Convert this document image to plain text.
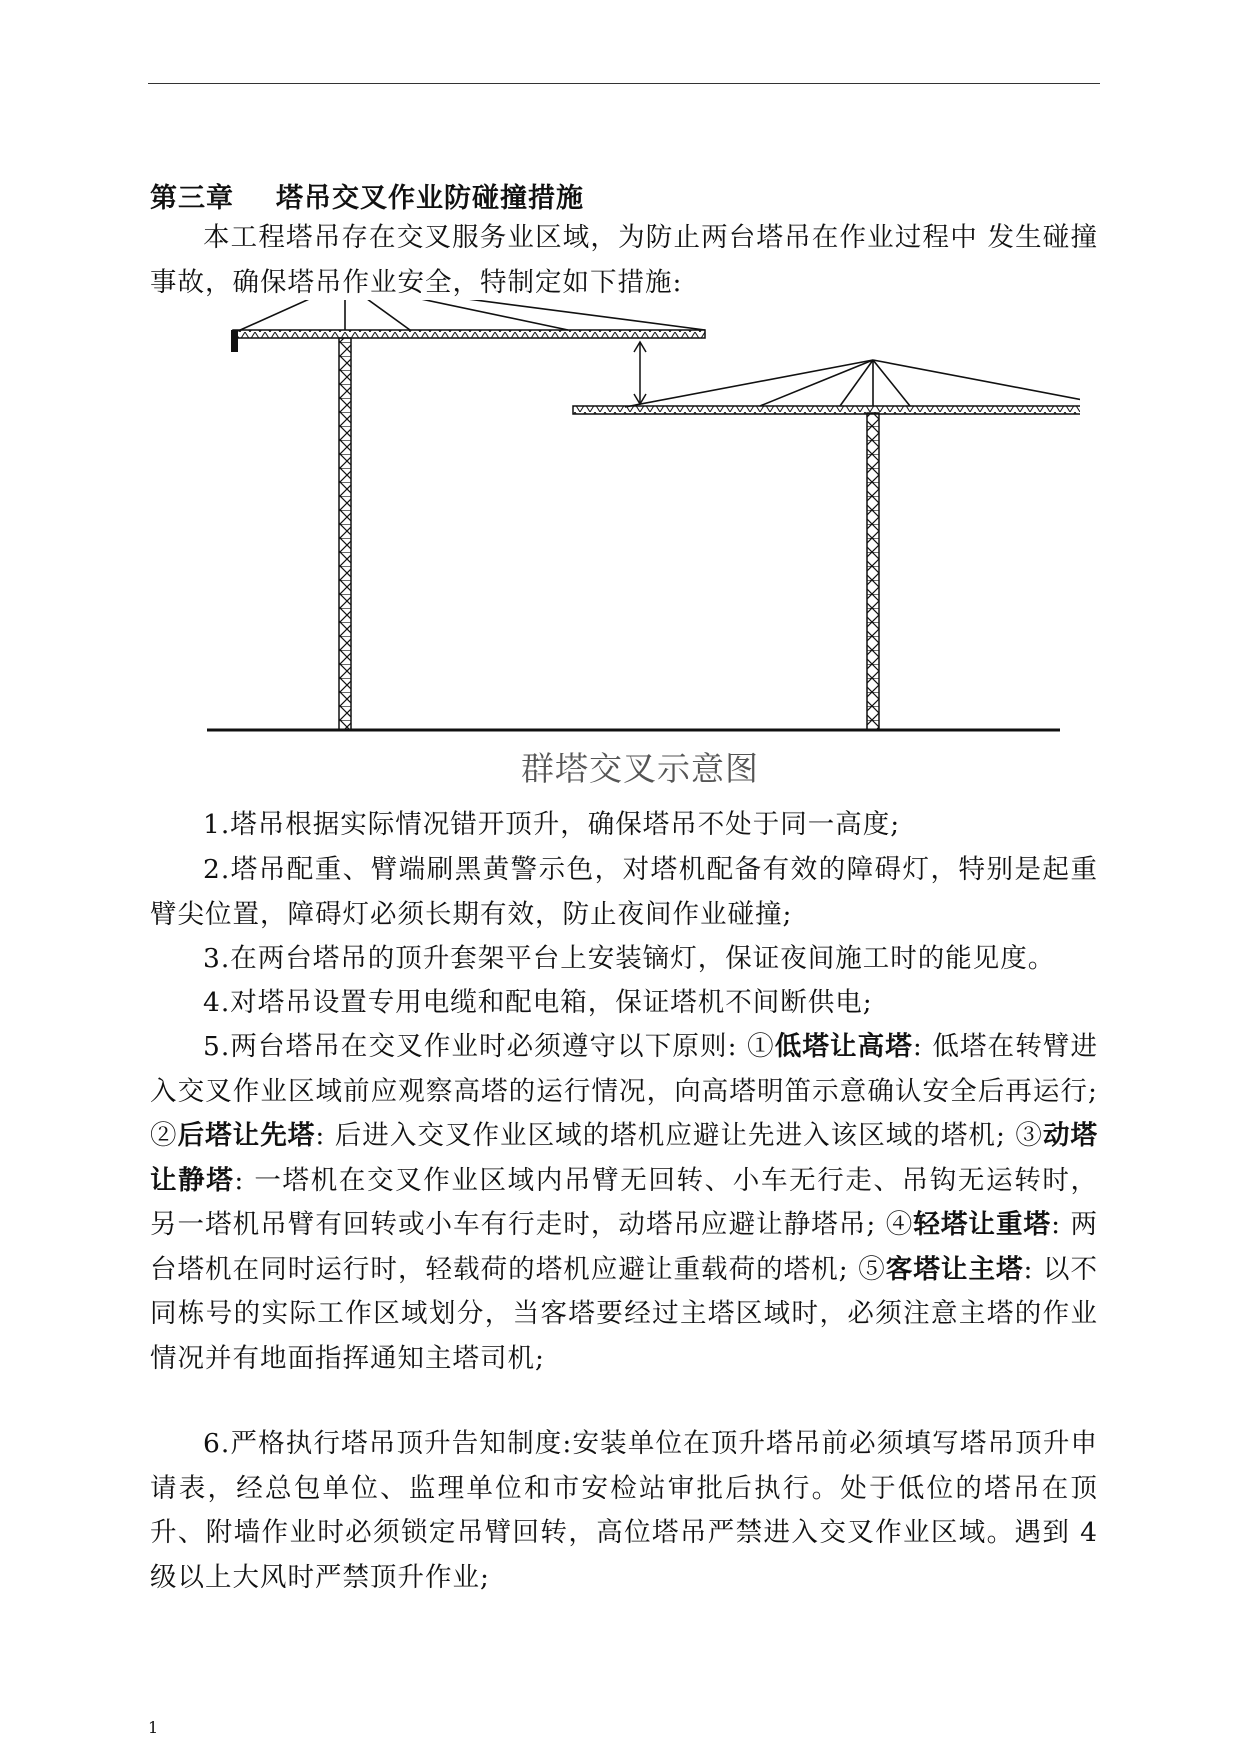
第三章 塔吊交叉作业防碰撞措施

本工程塔吊存在交叉服务业区域，为防止两台塔吊在作业过程中 发生碰撞事故，确保塔吊作业安全，特制定如下措施:

群塔交叉示意图

1.塔吊根据实际情况错开顶升，确保塔吊不处于同一高度;

2.塔吊配重、臂端刷黑黄警示色，对塔机配备有效的障碍灯，特别是起重臂尖位置，障碍灯必须长期有效，防止夜间作业碰撞;

3.在两台塔吊的顶升套架平台上安装镝灯，保证夜间施工时的能见度。

4.对塔吊设置专用电缆和配电箱，保证塔机不间断供电;

5.两台塔吊在交叉作业时必须遵守以下原则: ①低塔让高塔: 低塔在转臂进入交叉作业区域前应观察高塔的运行情况，向高塔明笛示意确认安全后再运行; ②后塔让先塔: 后进入交叉作业区域的塔机应避让先进入该区域的塔机; ③动塔让静塔: 一塔机在交叉作业区域内吊臂无回转、小车无行走、吊钩无运转时，另一塔机吊臂有回转或小车有行走时，动塔吊应避让静塔吊; ④轻塔让重塔: 两台塔机在同时运行时，轻载荷的塔机应避让重载荷的塔机; ⑤客塔让主塔: 以不同栋号的实际工作区域划分，当客塔要经过主塔区域时，必须注意主塔的作业情况并有地面指挥通知主塔司机;

6.严格执行塔吊顶升告知制度:安装单位在顶升塔吊前必须填写塔吊顶升申请表，经总包单位、监理单位和市安检站审批后执行。处于低位的塔吊在顶升、附墙作业时必须锁定吊臂回转，高位塔吊严禁进入交叉作业区域。遇到 4 级以上大风时严禁顶升作业;

1
